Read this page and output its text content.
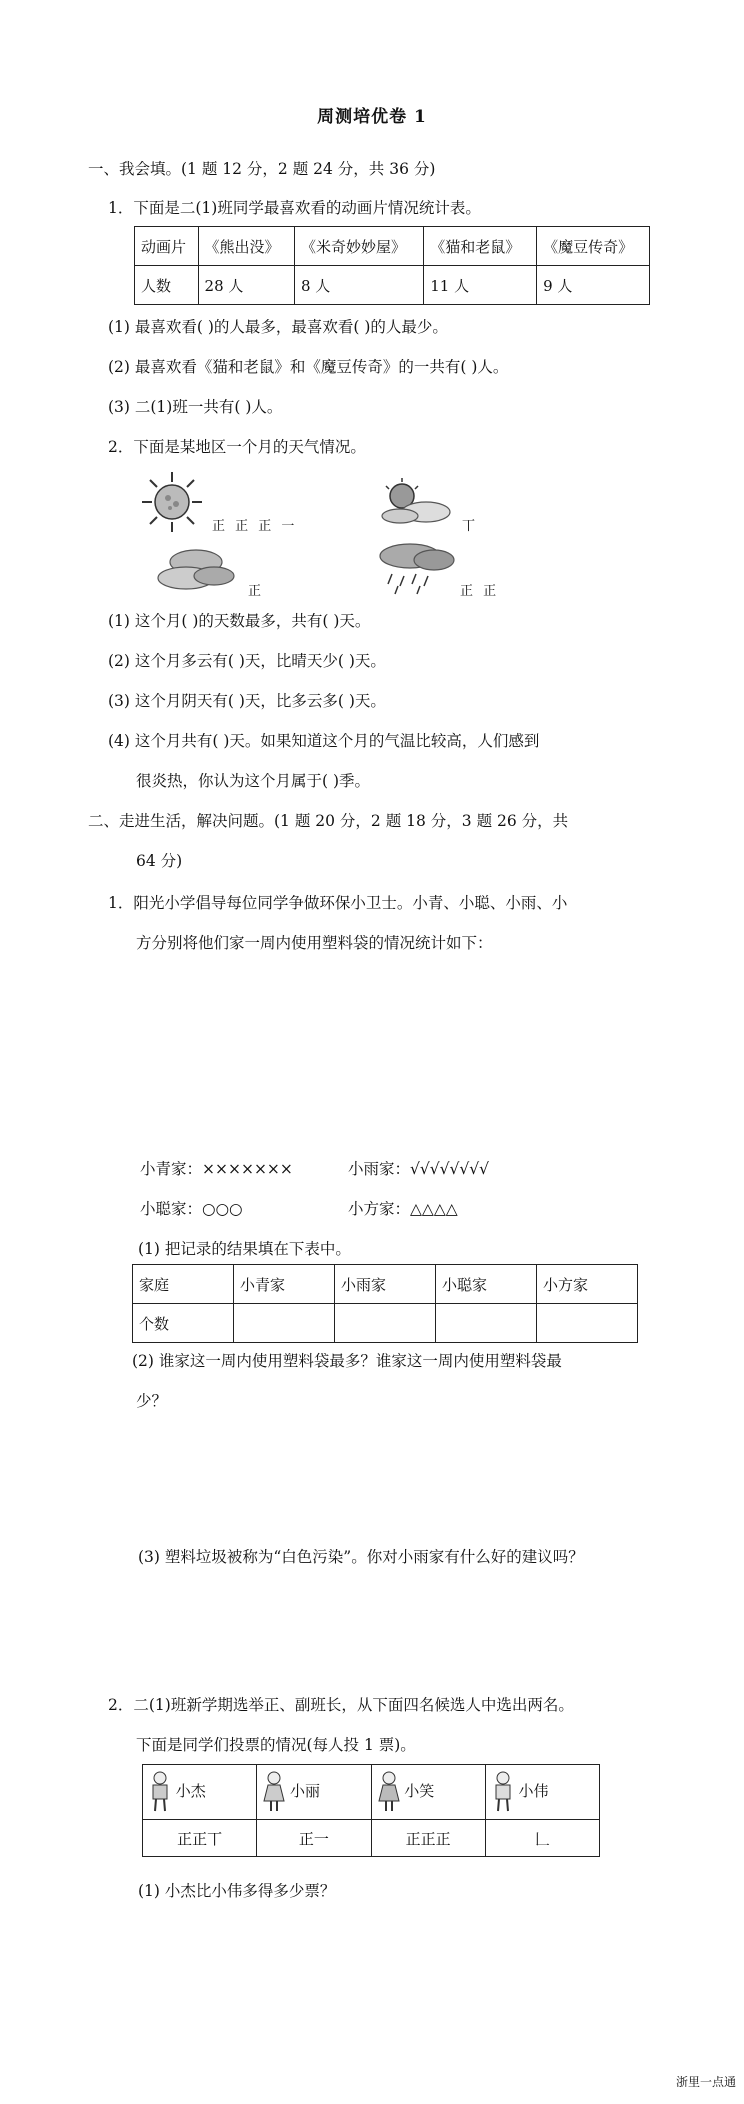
周测培优卷 1
一、我会填。(1 题 12 分，2 题 24 分，共 36 分)
1．下面是二(1)班同学最喜欢看的动画片情况统计表。
动画片	《熊出没》	《米奇妙妙屋》	《猫和老鼠》	《魔豆传奇》
人数	28 人	8 人	11 人	9 人
(1) 最喜欢看( )的人最多，最喜欢看( )的人最少。
(2) 最喜欢看《猫和老鼠》和《魔豆传奇》的一共有( )人。
(3) 二(1)班一共有( )人。
2．下面是某地区一个月的天气情况。
正 正 正 ⼀	丅
正	正 正
(1) 这个月( )的天数最多，共有( )天。
(2) 这个月多云有( )天，比晴天少( )天。
(3) 这个月阴天有( )天，比多云多( )天。
(4) 这个月共有( )天。如果知道这个月的气温比较高，人们感到
很炎热，你认为这个月属于( )季。
二、走进生活，解决问题。(1 题 20 分，2 题 18 分，3 题 26 分，共
64 分)
1．阳光小学倡导每位同学争做环保小卫士。小青、小聪、小雨、小
方分别将他们家一周内使用塑料袋的情况统计如下：
小青家：×××××××	小雨家：√√√√√√√√
小聪家：○○○	小方家：△△△△
(1) 把记录的结果填在下表中。
家庭	小青家	小雨家	小聪家	小方家
个数				
(2) 谁家这一周内使用塑料袋最多？谁家这一周内使用塑料袋最
少？
(3) 塑料垃圾被称为“白色污染”。你对小雨家有什么好的建议吗？
2．二(1)班新学期选举正、副班长，从下面四名候选人中选出两名。
下面是同学们投票的情况(每人投 1 票)。
小杰	小丽	小笑	小伟
正正丅	正⼀	正正正	𠃊
(1) 小杰比小伟多得多少票？
浙里一点通
